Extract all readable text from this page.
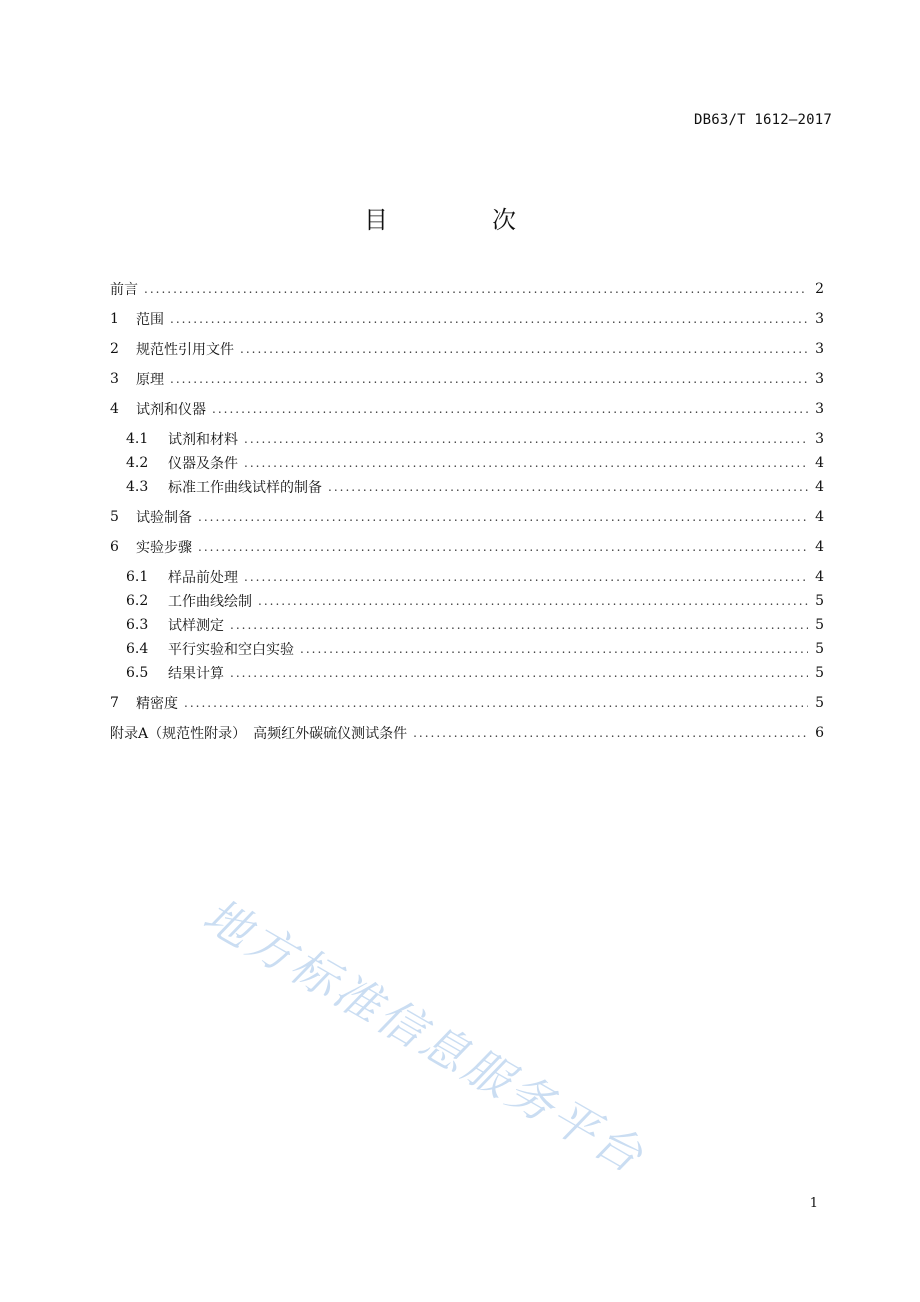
DB63/T 1612—2017
目　次
前言 .....	2
1	范围 .....	3
2	规范性引用文件 .....	3
3	原理 .....	3
4	试剂和仪器 .....	3
4.1	试剂和材料 .....	3
4.2	仪器及条件 .....	4
4.3	标准工作曲线试样的制备 .....	4
5	试验制备 .....	4
6	实验步骤 .....	4
6.1	样品前处理 .....	4
6.2	工作曲线绘制 .....	5
6.3	试样测定 .....	5
6.4	平行实验和空白实验 .....	5
6.5	结果计算 .....	5
7	精密度 .....	5
附录A（规范性附录）　高频红外碳硫仪测试条件 .....	6
地方标准信息服务平台
1
